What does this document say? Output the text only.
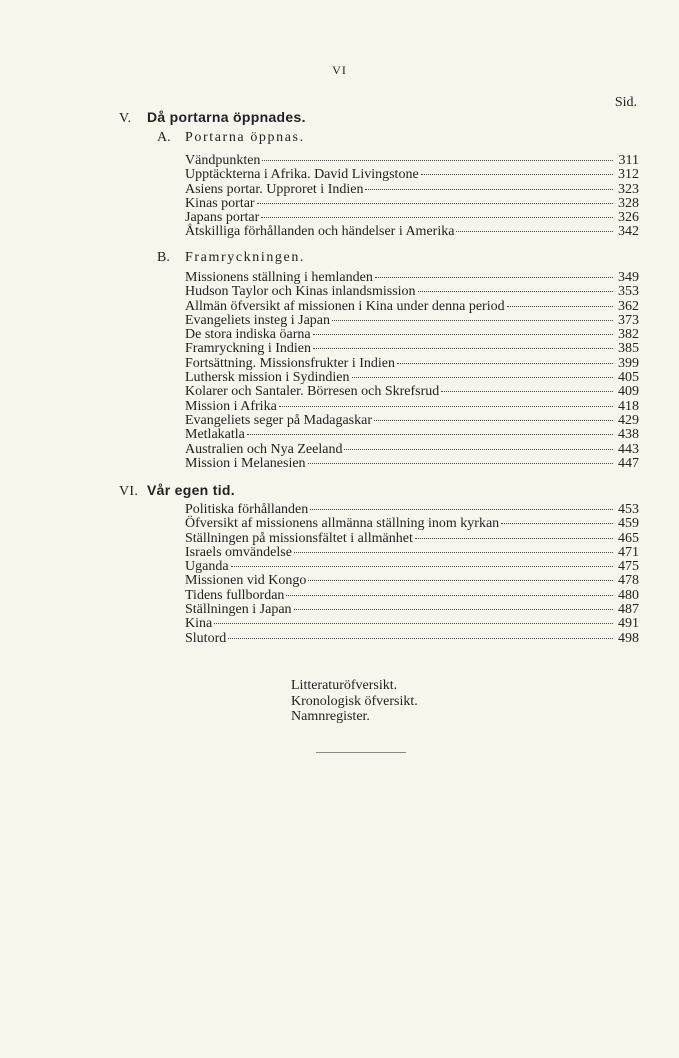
VI
Sid.
V. Då portarna öppnades.
A. Portarna öppnas.
Vändpunkten	311
Upptäckterna i Afrika. David Livingstone	312
Asiens portar. Upproret i Indien	323
Kinas portar	328
Japans portar	326
Åtskilliga förhållanden och händelser i Amerika	342
B. Framryckningen.
Missionens ställning i hemlanden	349
Hudson Taylor och Kinas inlandsmission	353
Allmän öfversikt af missionen i Kina under denna period	362
Evangeliets insteg i Japan	373
De stora indiska öarna	382
Framryckning i Indien	385
Fortsättning. Missionsfrukter i Indien	399
Luthersk mission i Sydindien	405
Kolarer och Santaler. Börresen och Skrefsrud	409
Mission i Afrika	418
Evangeliets seger på Madagaskar	429
Metlakatla	438
Australien och Nya Zeeland	443
Mission i Melanesien	447
VI. Vår egen tid.
Politiska förhållanden	453
Öfversikt af missionens allmänna ställning inom kyrkan	459
Ställningen på missionsfältet i allmänhet	465
Israels omvändelse	471
Uganda	475
Missionen vid Kongo	478
Tidens fullbordan	480
Ställningen i Japan	487
Kina	491
Slutord	498
Litteraturöfversikt.
Kronologisk öfversikt.
Namnregister.
